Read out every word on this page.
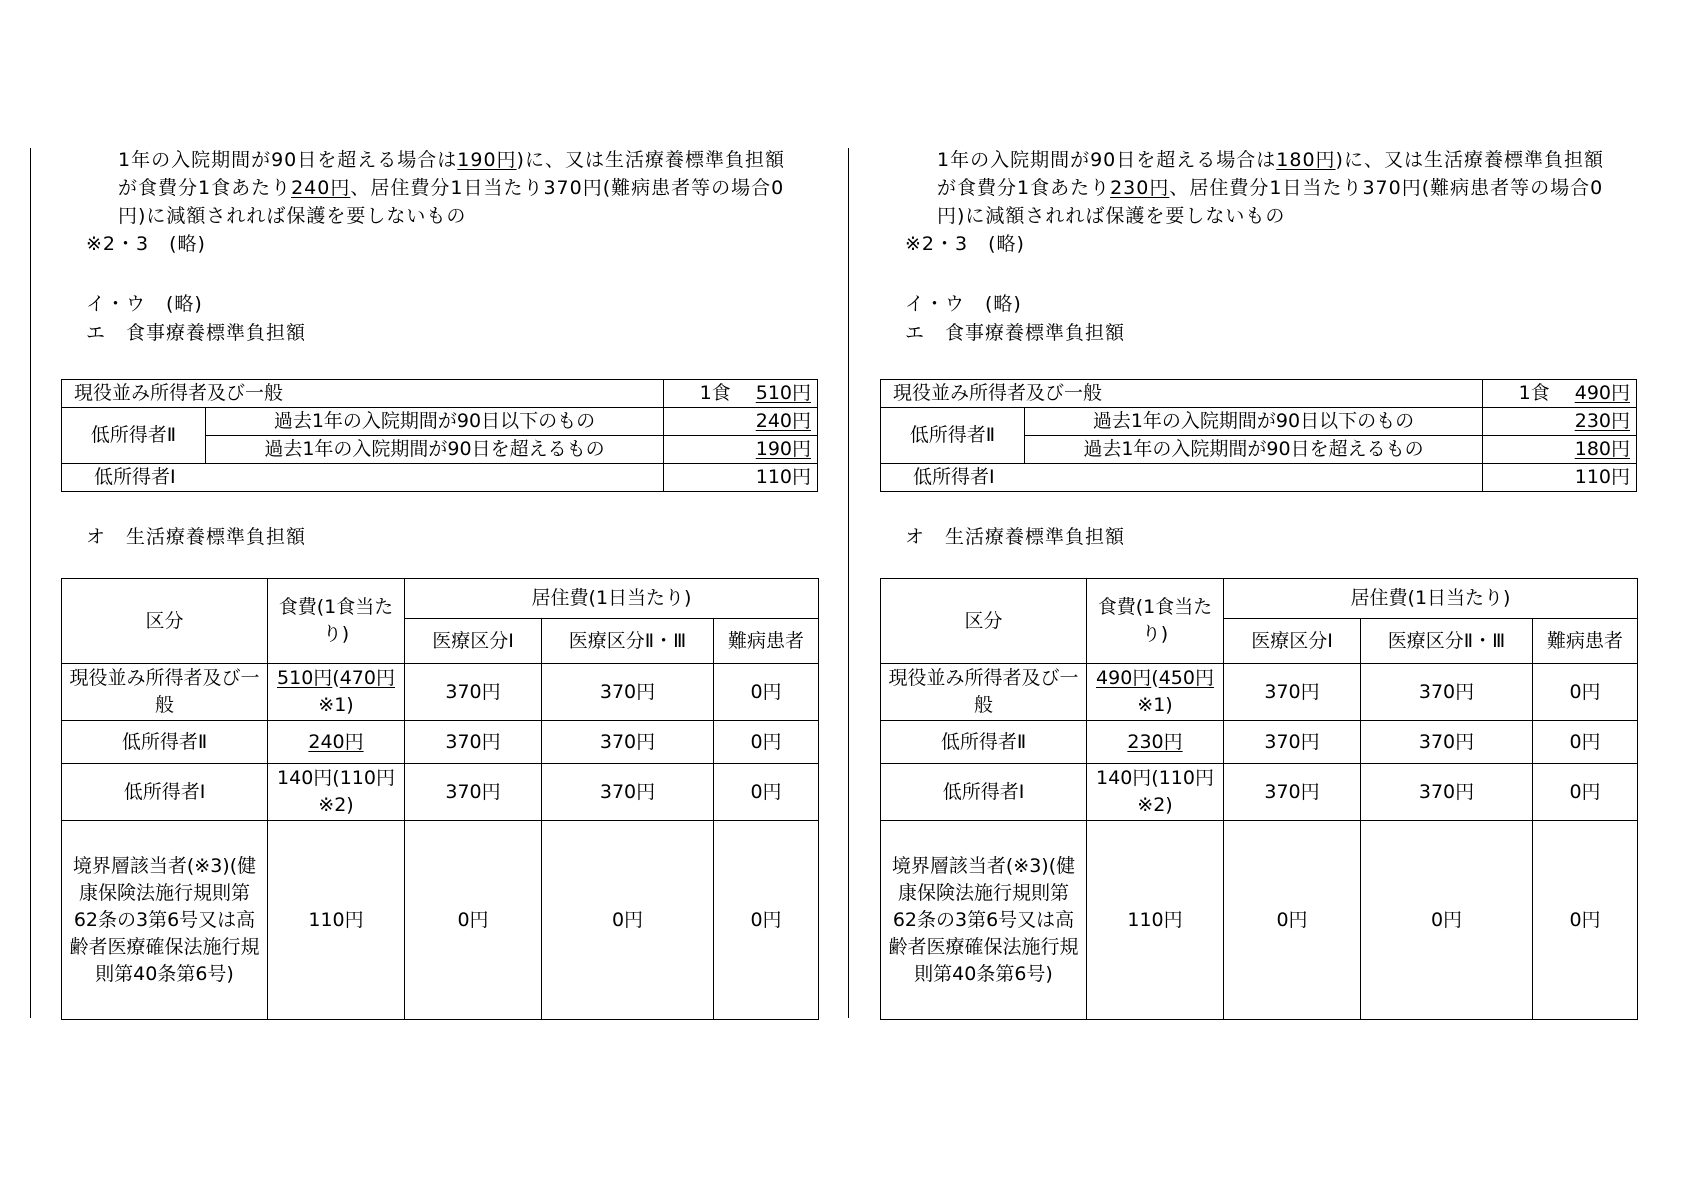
1年の入院期間が90日を超える場合は190円)に、又は生活療養標準負担額
が食費分1食あたり240円、居住費分1日当たり370円(難病患者等の場合0
円)に減額されれば保護を要しないもの
※2・3　(略)
イ・ウ　(略)
エ　食事療養標準負担額
現役並み所得者及び一般		1食　 510円
低所得者Ⅱ	過去1年の入院期間が90日以下のもの	240円
	過去1年の入院期間が90日を超えるもの	190円
低所得者Ⅰ		110円
オ　生活療養標準負担額
区分	食費(1食当たり)	居住費(1日当たり)		
		医療区分Ⅰ	医療区分Ⅱ・Ⅲ	難病患者
現役並み所得者及び一般	510円(470円※1)	370円	370円	0円
低所得者Ⅱ	240円	370円	370円	0円
低所得者Ⅰ	140円(110円※2)	370円	370円	0円
境界層該当者(※3)(健康保険法施行規則第62条の3第6号又は高齢者医療確保法施行規則第40条第6号)	110円	0円	0円	0円
1年の入院期間が90日を超える場合は180円)に、又は生活療養標準負担額
が食費分1食あたり230円、居住費分1日当たり370円(難病患者等の場合0
円)に減額されれば保護を要しないもの
※2・3　(略)
イ・ウ　(略)
エ　食事療養標準負担額
現役並み所得者及び一般		1食　 490円
低所得者Ⅱ	過去1年の入院期間が90日以下のもの	230円
	過去1年の入院期間が90日を超えるもの	180円
低所得者Ⅰ		110円
オ　生活療養標準負担額
区分	食費(1食当たり)	居住費(1日当たり)		
		医療区分Ⅰ	医療区分Ⅱ・Ⅲ	難病患者
現役並み所得者及び一般	490円(450円※1)	370円	370円	0円
低所得者Ⅱ	230円	370円	370円	0円
低所得者Ⅰ	140円(110円※2)	370円	370円	0円
境界層該当者(※3)(健康保険法施行規則第62条の3第6号又は高齢者医療確保法施行規則第40条第6号)	110円	0円	0円	0円
